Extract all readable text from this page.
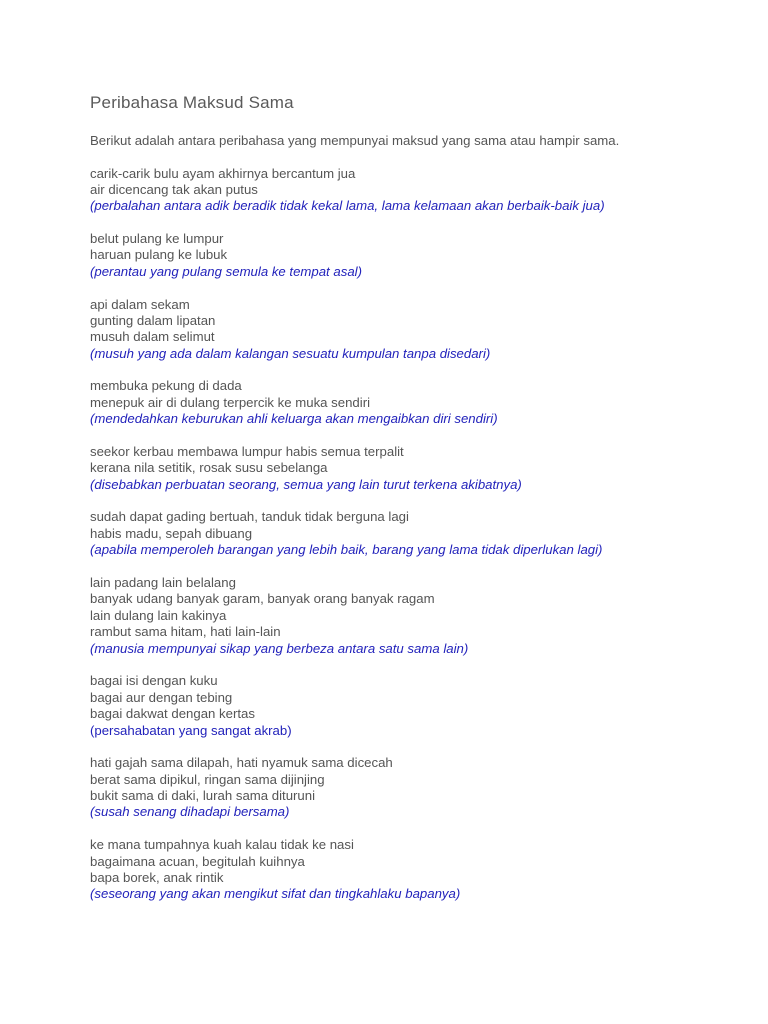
Peribahasa Maksud Sama
Berikut adalah antara peribahasa yang mempunyai maksud yang sama atau hampir sama.
carik-carik bulu ayam akhirnya bercantum jua
air dicencang tak akan putus
(perbalahan antara adik beradik tidak kekal lama, lama kelamaan akan berbaik-baik jua)
belut pulang ke lumpur
haruan pulang ke lubuk
(perantau yang pulang semula ke tempat asal)
api dalam sekam
gunting dalam lipatan
musuh dalam selimut
(musuh yang ada dalam kalangan sesuatu kumpulan tanpa disedari)
membuka pekung di dada
menepuk air di dulang terpercik ke muka sendiri
(mendedahkan keburukan ahli keluarga akan mengaibkan diri sendiri)
seekor kerbau membawa lumpur habis semua terpalit
kerana nila setitik, rosak susu sebelanga
(disebabkan perbuatan seorang, semua yang lain turut terkena akibatnya)
sudah dapat gading bertuah, tanduk tidak berguna lagi
habis madu, sepah dibuang
(apabila memperoleh barangan yang lebih baik, barang yang lama tidak diperlukan lagi)
lain padang lain belalang
banyak udang banyak garam, banyak orang banyak ragam
lain dulang lain kakinya
rambut sama hitam, hati lain-lain
(manusia mempunyai sikap yang berbeza antara satu sama lain)
bagai isi dengan kuku
bagai aur dengan tebing
bagai dakwat dengan kertas
(persahabatan yang sangat akrab)
hati gajah sama dilapah, hati nyamuk sama dicecah
berat sama dipikul, ringan sama dijinjing
bukit sama di daki, lurah sama dituruni
(susah senang dihadapi bersama)
ke mana tumpahnya kuah kalau tidak ke nasi
bagaimana acuan, begitulah kuihnya
bapa borek, anak rintik
(seseorang yang akan mengikut sifat dan tingkahlaku bapanya)
